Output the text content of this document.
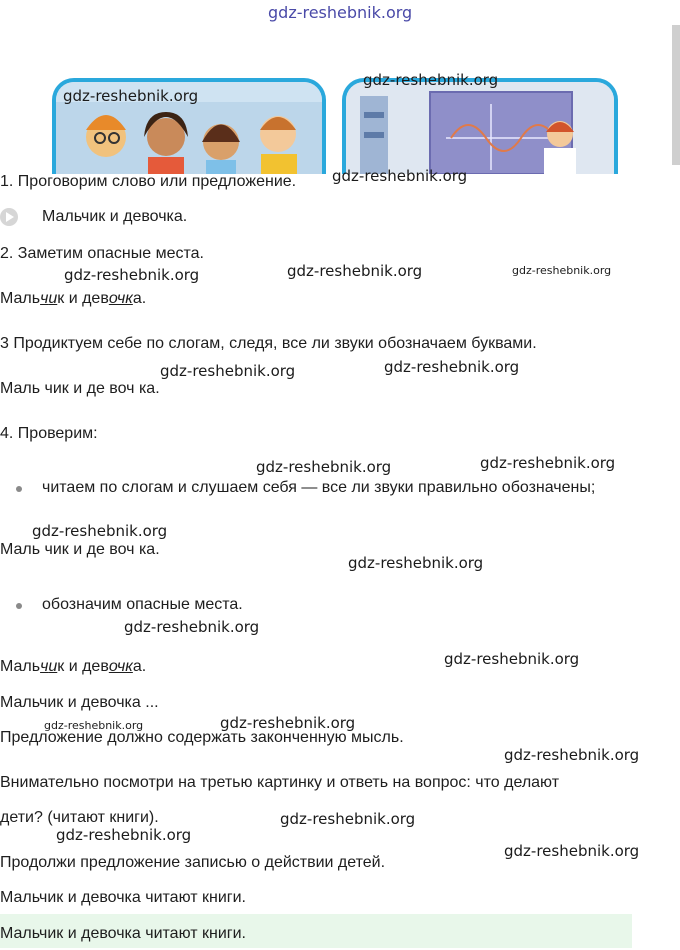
gdz-reshebnik.org
1. Проговорим слово или предложение.
Мальчик и девочка.
2. Заметим опасные места.
Мальчик и девочка.
3 Продиктуем себе по слогам, следя, все ли звуки обозначаем буквами.
Маль чик и де воч ка.
4. Проверим:
читаем по слогам и слушаем себя — все ли звуки правильно обозначены;
Маль чик и де воч ка.
обозначим опасные места.
Мальчик и девочка.
Мальчик и девочка ...
Предложение должно содержать законченную мысль.
Внимательно посмотри на третью картинку и ответь на вопрос: что делают
дети? (читают книги).
Продолжи предложение записью о действии детей.
Мальчик и девочка читают книги.
Мальчик и девочка читают книги.
gdz-reshebnik.org
gdz-reshebnik.org
gdz-reshebnik.org
gdz-reshebnik.org	gdz-reshebnik.org	gdz-reshebnik.org
gdz-reshebnik.org	gdz-reshebnik.org
gdz-reshebnik.org	gdz-reshebnik.org
gdz-reshebnik.org
gdz-reshebnik.org
gdz-reshebnik.org
gdz-reshebnik.org
gdz-reshebnik.org	gdz-reshebnik.org
gdz-reshebnik.org
gdz-reshebnik.org
gdz-reshebnik.org
gdz-reshebnik.org
